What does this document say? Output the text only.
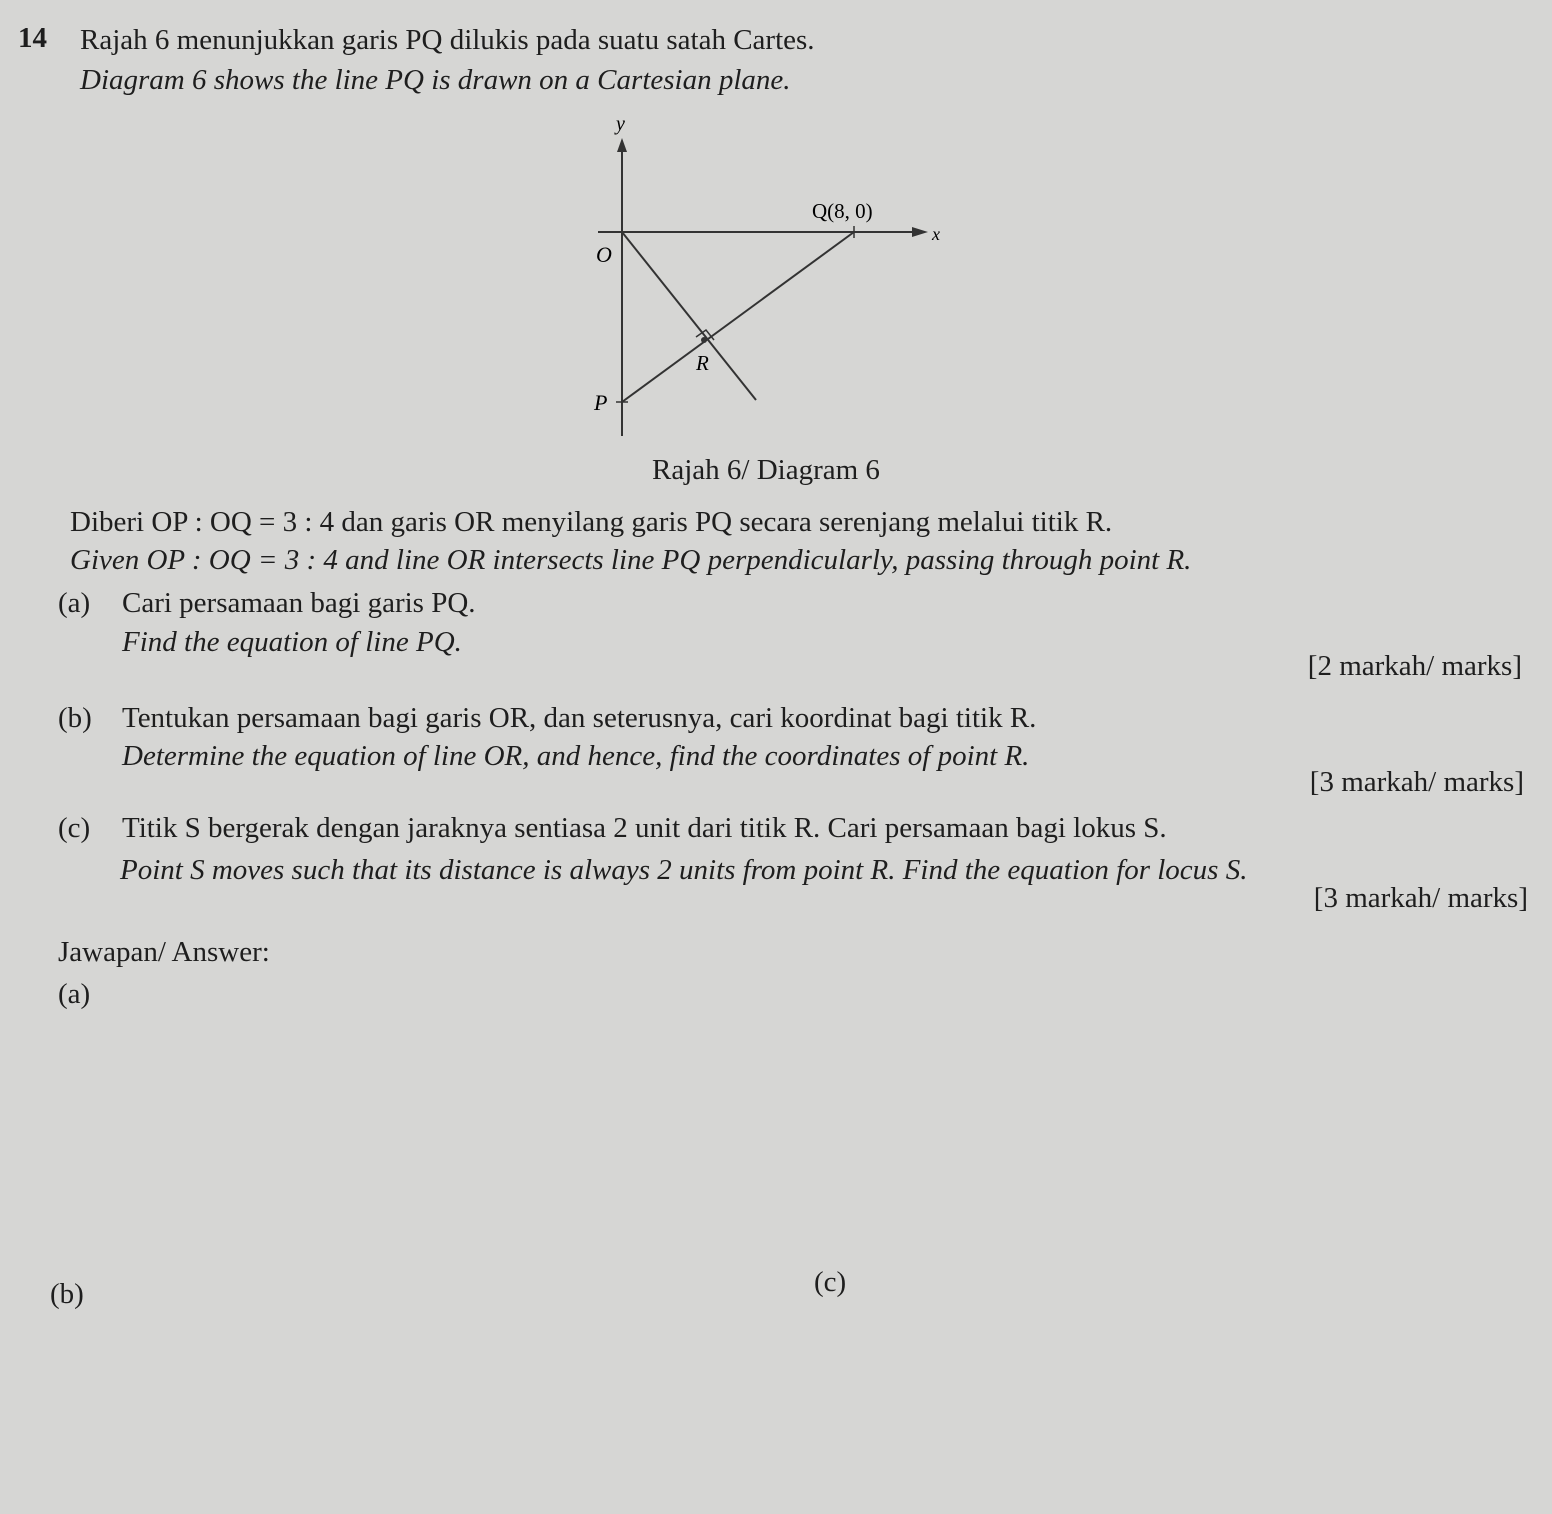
14 Rajah 6 menunjukkan garis PQ dilukis pada suatu satah Cartes.
Diagram 6 shows the line PQ is drawn on a Cartesian plane.
y
x
O
Q(8, 0)
R
P
Rajah 6/ Diagram 6
Diberi OP : OQ = 3 : 4 dan garis OR menyilang garis PQ secara serenjang melalui titik R.
Given OP : OQ = 3 : 4 and line OR intersects line PQ perpendicularly, passing through point R.
(a) Cari persamaan bagi garis PQ.
Find the equation of line PQ.
[2 markah/ marks]
(b) Tentukan persamaan bagi garis OR, dan seterusnya, cari koordinat bagi titik R.
Determine the equation of line OR, and hence, find the coordinates of point R.
[3 markah/ marks]
(c) Titik S bergerak dengan jaraknya sentiasa 2 unit dari titik R. Cari persamaan bagi lokus S.
Point S moves such that its distance is always 2 units from point R. Find the equation for locus S.
[3 markah/ marks]
Jawapan/ Answer:
(a)
(b)	(c)
